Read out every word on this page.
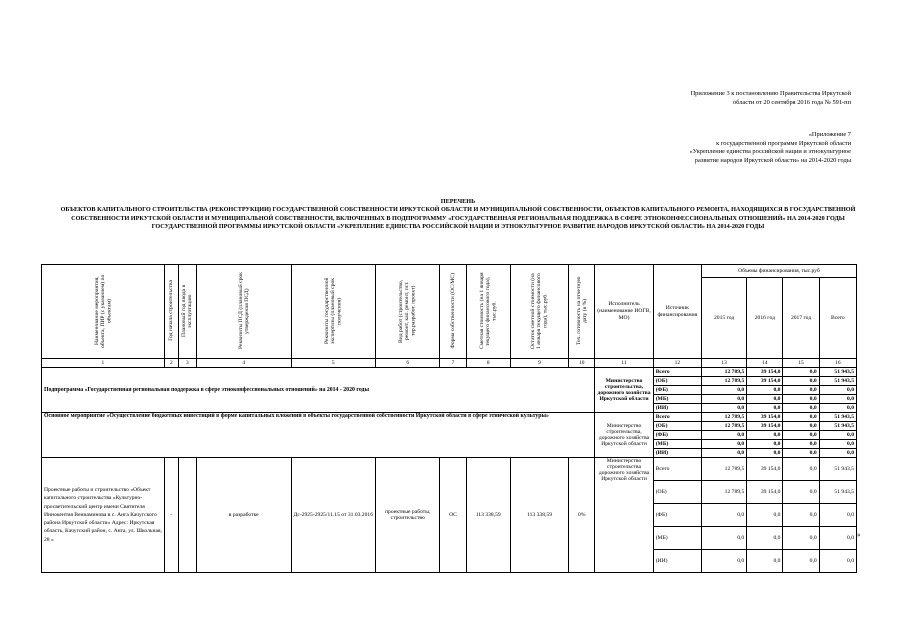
Приложение 3 к постановлению Правительства Иркутской
области от 20 сентября 2016 года № 591-пп
«Приложение 7
к государственной программе Иркутской области
«Укрепление единства российской нации и этнокультурное
развитие народов Иркутской области» на 2014-2020 годы
ПЕРЕЧЕНЬ
ОБЪЕКТОВ КАПИТАЛЬНОГО СТРОИТЕЛЬСТВА (РЕКОНСТРУКЦИИ) ГОСУДАРСТВЕННОЙ СОБСТВЕННОСТИ ИРКУТСКОЙ ОБЛАСТИ И МУНИЦИПАЛЬНОЙ СОБСТВЕННОСТИ, ОБЪЕКТОВ КАПИТАЛЬНОГО РЕМОНТА, НАХОДЯЩИХСЯ В ГОСУДАРСТВЕННОЙ СОБСТВЕННОСТИ ИРКУТСКОЙ ОБЛАСТИ И МУНИЦИПАЛЬНОЙ СОБСТВЕННОСТИ, ВКЛЮЧЕННЫХ В ПОДПРОГРАММУ «ГОСУДАРСТВЕННАЯ РЕГИОНАЛЬНАЯ ПОДДЕРЖКА В СФЕРЕ ЭТНОКОНФЕССИОНАЛЬНЫХ ОТНОШЕНИЙ» НА 2014-2020 ГОДЫ ГОСУДАРСТВЕННОЙ ПРОГРАММЫ ИРКУТСКОЙ ОБЛАСТИ «УКРЕПЛЕНИЕ ЕДИНСТВА РОССИЙСКОЙ НАЦИИ И ЭТНОКУЛЬТУРНОЕ РАЗВИТИЕ НАРОДОВ ИРКУТСКОЙ ОБЛАСТИ» НА 2014-2020 ГОДЫ
Наименование мероприятия, объекта, ПИР (с указанием) по объектам)	Год начала строительства	Плановый год ввода в эксплуатацию	Реквизиты ПСД (плановый срок утверждения ПСД)	Реквизиты государственной экспертизы (плановый срок получения)	Вид работ (строительство, ремонт, кап. ремонт, пст. тер.разработ. проект)	Форма собственности (ОС/МС)	Сметная стоимость (на 1 января текущего финансового года), тыс.руб.	Остаток сметной стоимости (на 1 января текущего финансового года), тыс.руб.	Тех. готовность на отчетную дату (в %)	Исполнитель (наименование ИОГВ, МО)	Источник финансирования	Объемы финансирования, тыс.руб			
												2015 год	2016 год	2017 год	Всего
1	2	3	4	5	6	7	8	9	10	11	12	13	14	15	16
Подпрограмма «Государственная региональная поддержка в сфере этноконфессиональных отношений» на 2014 - 2020 годы										Министерство строительства, дорожного хозяйства Иркутской области	Всего	12 789,5	39 154,0	0,0	51 943,5
											(ОБ)	12 789,5	39 154,0	0,0	51 943,5
											(ФБ)	0,0	0,0	0,0	0,0
											(МБ)	0,0	0,0	0,0	0,0
											(ИИ)	0,0	0,0	0,0	0,0
Основное мероприятие «Осуществление бюджетных инвестиций в форме капитальных вложений в объекты государственной собственности Иркутской области в сфере этнической культуры»										Министерство строительства, дорожного хозяйства Иркутской области	Всего	12 789,5	39 154,0	0,0	51 943,5
											(ОБ)	12 789,5	39 154,0	0,0	51 943,5
											(ФБ)	0,0	0,0	0,0	0,0
											(МБ)	0,0	0,0	0,0	0,0
											(ИИ)	0,0	0,0	0,0	0,0
Проектные работы и строительство «Объект капитального строительства «Культурно-просветительский центр имени Святителя Иннокентия Вениаминова в с. Анга Качугского района Иркутской области» Адрес: Иркутская область, Качугский район, с. Анга, ул. Школьная, 28 »	-		в разработке	Дс-2925-2925/11.15 от 31.03.2016	проектные работы, строительство	ОС	113 338,59	113 338,59	0%	Министерство строительства дорожного хозяйства Иркутской области	Всего	12 789,5	39 154,0	0,0	51 943,5
											(ОБ)	12 789,5	39 154,0	0,0	51 943,5
											(ФБ)	0,0	0,0	0,0	0,0
											(МБ)	0,0	0,0	0,0	0,0
											(ИИ)	0,0	0,0	0,0	0,0
»
